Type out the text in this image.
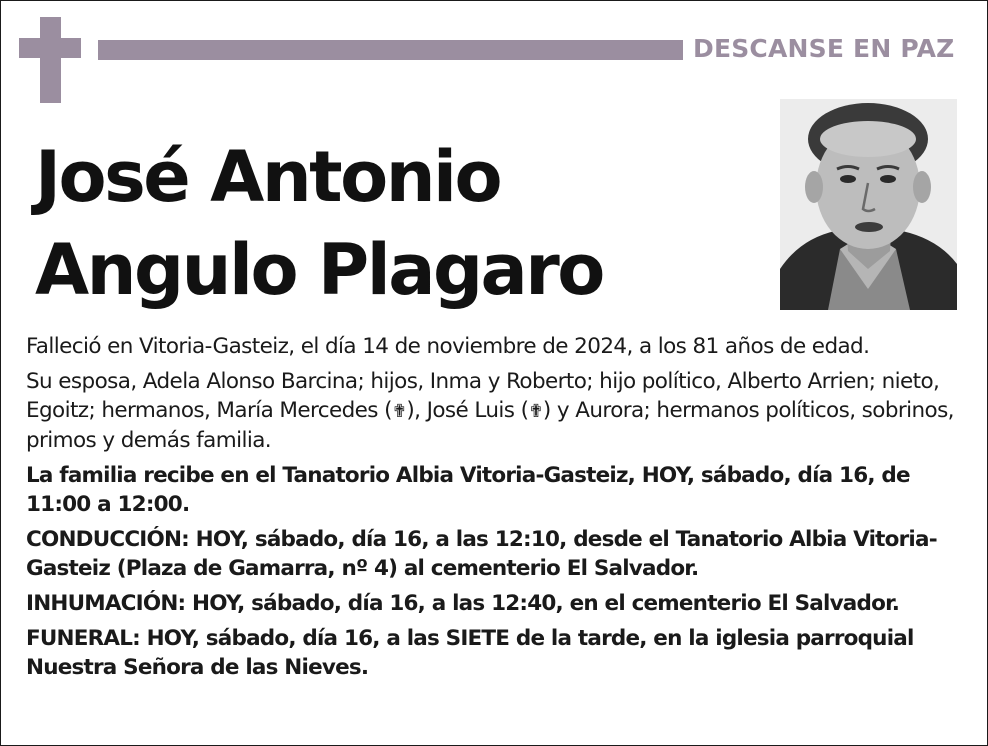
DESCANSE EN PAZ
José Antonio
Angulo Plagaro

Falleció en Vitoria-Gasteiz, el día 14 de noviembre de 2024, a los 81 años de edad.

Su esposa, Adela Alonso Barcina; hijos, Inma y Roberto; hijo político, Alberto Arrien; nieto, Egoitz; hermanos, María Mercedes (✟), José Luis (✟) y Aurora; hermanos políticos, sobrinos, primos y demás familia.

La familia recibe en el Tanatorio Albia Vitoria-Gasteiz, HOY, sábado, día 16, de 11:00 a 12:00.

CONDUCCIÓN: HOY, sábado, día 16, a las 12:10, desde el Tanatorio Albia Vitoria-Gasteiz (Plaza de Gamarra, nº 4) al cementerio El Salvador.

INHUMACIÓN: HOY, sábado, día 16, a las 12:40, en el cementerio El Salvador.

FUNERAL: HOY, sábado, día 16, a las SIETE de la tarde, en la iglesia parroquial Nuestra Señora de las Nieves.
